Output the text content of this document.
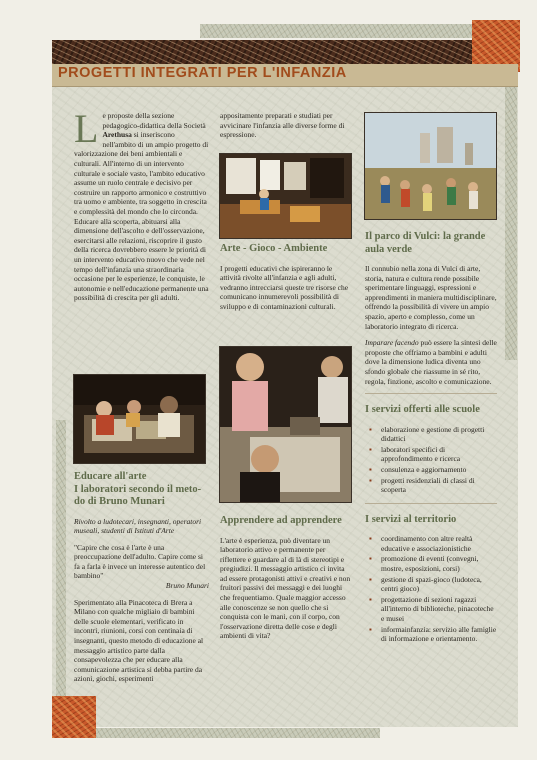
PROGETTI INTEGRATI PER L'INFANZIA

Le proposte della sezione pedagogico-didattica della Società Arethusa si inseriscono nell'ambito di un ampio progetto di valorizzazione dei beni ambientali e culturali. All'interno di un intervento culturale e sociale vasto, l'ambito educativo assume un ruolo centrale e decisivo per costruire un rapporto armonico e costruttivo tra uomo e ambiente, tra soggetto in crescita e complessità del mondo che lo circonda. Educare alla scoperta, abituarsi alla dimensione dell'ascolto e dell'osservazione, esercitarsi alle relazioni, riscoprire il gusto della ricerca dovrebbero essere le priorità di un intervento educativo nuovo che vede nel tempo dell'infanzia una straordinaria occasione per le esperienze, le conquiste, le autonomie e nell'educazione permanente una possibilità di crescita per gli adulti.

Educare all'arte
I laboratori secondo il meto-do di Bruno Munari

Rivolto a ludotecari, insegnanti, operatori museali, studenti di Istituti d'Arte

"Capire che cosa è l'arte è una preoccupazione dell'adulto. Capire come si fa a farla è invece un interesse autentico del bambino"

Bruno Munari

Sperimentato alla Pinacoteca di Brera a Milano con qualche migliaio di bambini delle scuole elementari, verificato in incontri, riunioni, corsi con centinaia di insegnanti, questo metodo di educazione al messaggio artistico parte dalla consapevolezza che per educare alla comunicazione artistica si debba partire da azioni, giochi, esperimenti

appositamente preparati e studiati per avvicinare l'infanzia alle diverse forme di espressione.

Arte - Gioco - Ambiente

I progetti educativi che ispireranno le attività rivolte all'infanzia e agli adulti, vedranno intrecciarsi queste tre risorse che comunicano innumerevoli possibilità di sviluppo e di contaminazioni culturali.

Apprendere ad apprendere

L'arte è esperienza, può diventare un laboratorio attivo e permanente per riflettere e guardare al di là di stereotipi e pregiudizi. Il messaggio artistico ci invita ad essere protagonisti attivi e creativi e non fruitori passivi dei messaggi e dei luoghi che frequentiamo. Quale maggior accesso alle conoscenze se non quello che si conquista con le mani, con il corpo, con l'osservazione diretta delle cose e degli ambienti di vita?

Il parco di Vulci: la grande aula verde

Il connubio nella zona di Vulci di arte, storia, natura e cultura rende possibile sperimentare linguaggi, espressioni e apprendimenti in maniera multidisciplinare, offrendo la possibilità di vivere un ampio spazio, aperto e complesso, come un laboratorio integrato di ricerca.

Imparare facendo può essere la sintesi delle proposte che offriamo a bambini e adulti dove la dimensione ludica diventa uno sfondo globale che riassume in sé rito, regola, finzione, ascolto e comunicazione.

I servizi offerti alle scuole
▪ elaborazione e gestione di progetti didattici
▪ laboratori specifici di approfondimento e ricerca
▪ consulenza e aggiornamento
▪ progetti residenziali di classi di scoperta
I servizi al territorio
▪ coordinamento con altre realtà educative e associazionistiche
▪ promozione di eventi (convegni, mostre, esposizioni, corsi)
▪ gestione di spazi-gioco (ludoteca, centri gioco)
▪ progettazione di sezioni ragazzi all'interno di biblioteche, pinacoteche e musei
▪ informainfanzia: servizio alle famiglie di informazione e orientamento.
